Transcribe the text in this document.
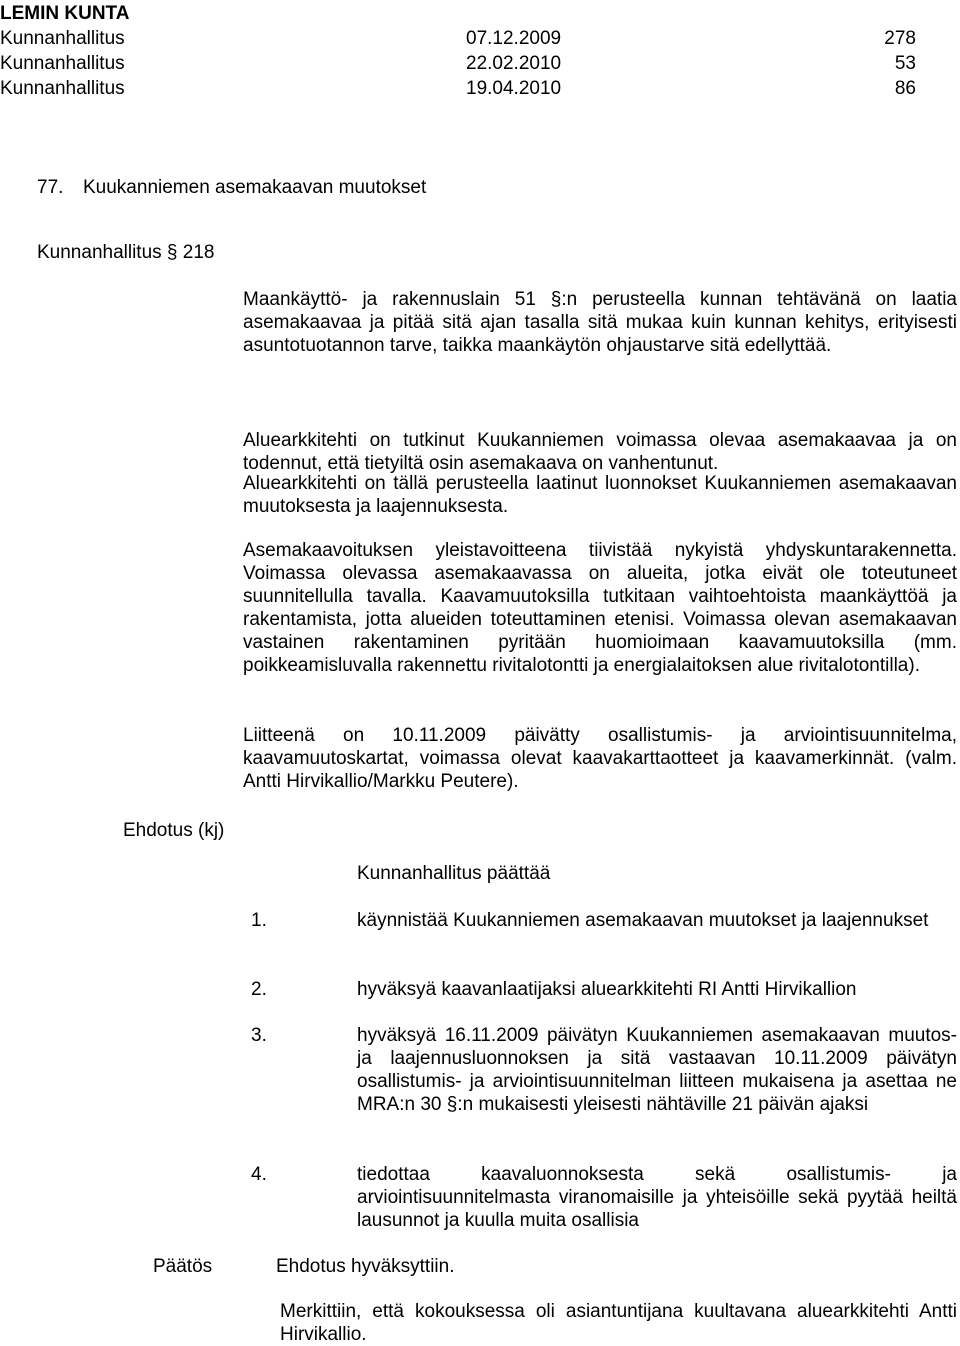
LEMIN KUNTA
Kunnanhallitus	07.12.2009	278
Kunnanhallitus	22.02.2010	53
Kunnanhallitus	19.04.2010	86
77. Kuukanniemen asemakaavan muutokset
Kunnanhallitus § 218
Maankäyttö- ja rakennuslain 51 §:n perusteella kunnan tehtävänä on laatia asemakaavaa ja pitää sitä ajan tasalla sitä mukaa kuin kunnan kehitys, erityisesti asuntotuotannon tarve, taikka maankäytön ohjaustarve sitä edellyttää.
Aluearkkitehti on tutkinut Kuukanniemen voimassa olevaa asemakaavaa ja on todennut, että tietyiltä osin asemakaava on vanhentunut.
Aluearkkitehti on tällä perusteella laatinut luonnokset Kuukanniemen asemakaavan muutoksesta ja laajennuksesta.
Asemakaavoituksen yleistavoitteena tiivistää nykyistä yhdyskuntarakennetta. Voimassa olevassa asemakaavassa on alueita, jotka eivät ole toteutuneet suunnitellulla tavalla. Kaavamuutoksilla tutkitaan vaihtoehtoista maankäyttöä ja rakentamista, jotta alueiden toteuttaminen etenisi. Voimassa olevan asemakaavan vastainen rakentaminen pyritään huomioimaan kaavamuutoksilla (mm. poikkeamisluvalla rakennettu rivitalotontti ja energialaitoksen alue rivitalotontilla).
Liitteenä on 10.11.2009 päivätty osallistumis- ja arviointisuunnitelma, kaavamuutoskartat, voimassa olevat kaavakarttaotteet ja kaavamerkinnät. (valm. Antti Hirvikallio/Markku Peutere).
Ehdotus (kj)
Kunnanhallitus päättää
1.	käynnistää Kuukanniemen asemakaavan muutokset ja laajennukset
2.	hyväksyä kaavanlaatijaksi aluearkkitehti RI Antti Hirvikallion
3.	hyväksyä 16.11.2009 päivätyn Kuukanniemen asemakaavan muutos- ja laajennusluonnoksen ja sitä vastaavan 10.11.2009 päivätyn osallistumis- ja arviointisuunnitelman liitteen mukaisena ja asettaa ne MRA:n 30 §:n mukaisesti yleisesti nähtäville 21 päivän ajaksi
4.	tiedottaa kaavaluonnoksesta sekä osallistumis- ja arviointisuunnitelmasta viranomaisille ja yhteisöille sekä pyytää heiltä lausunnot ja kuulla muita osallisia
Päätös	Ehdotus hyväksyttiin.
Merkittiin, että kokouksessa oli asiantuntijana kuultavana aluearkkitehti Antti Hirvikallio.
